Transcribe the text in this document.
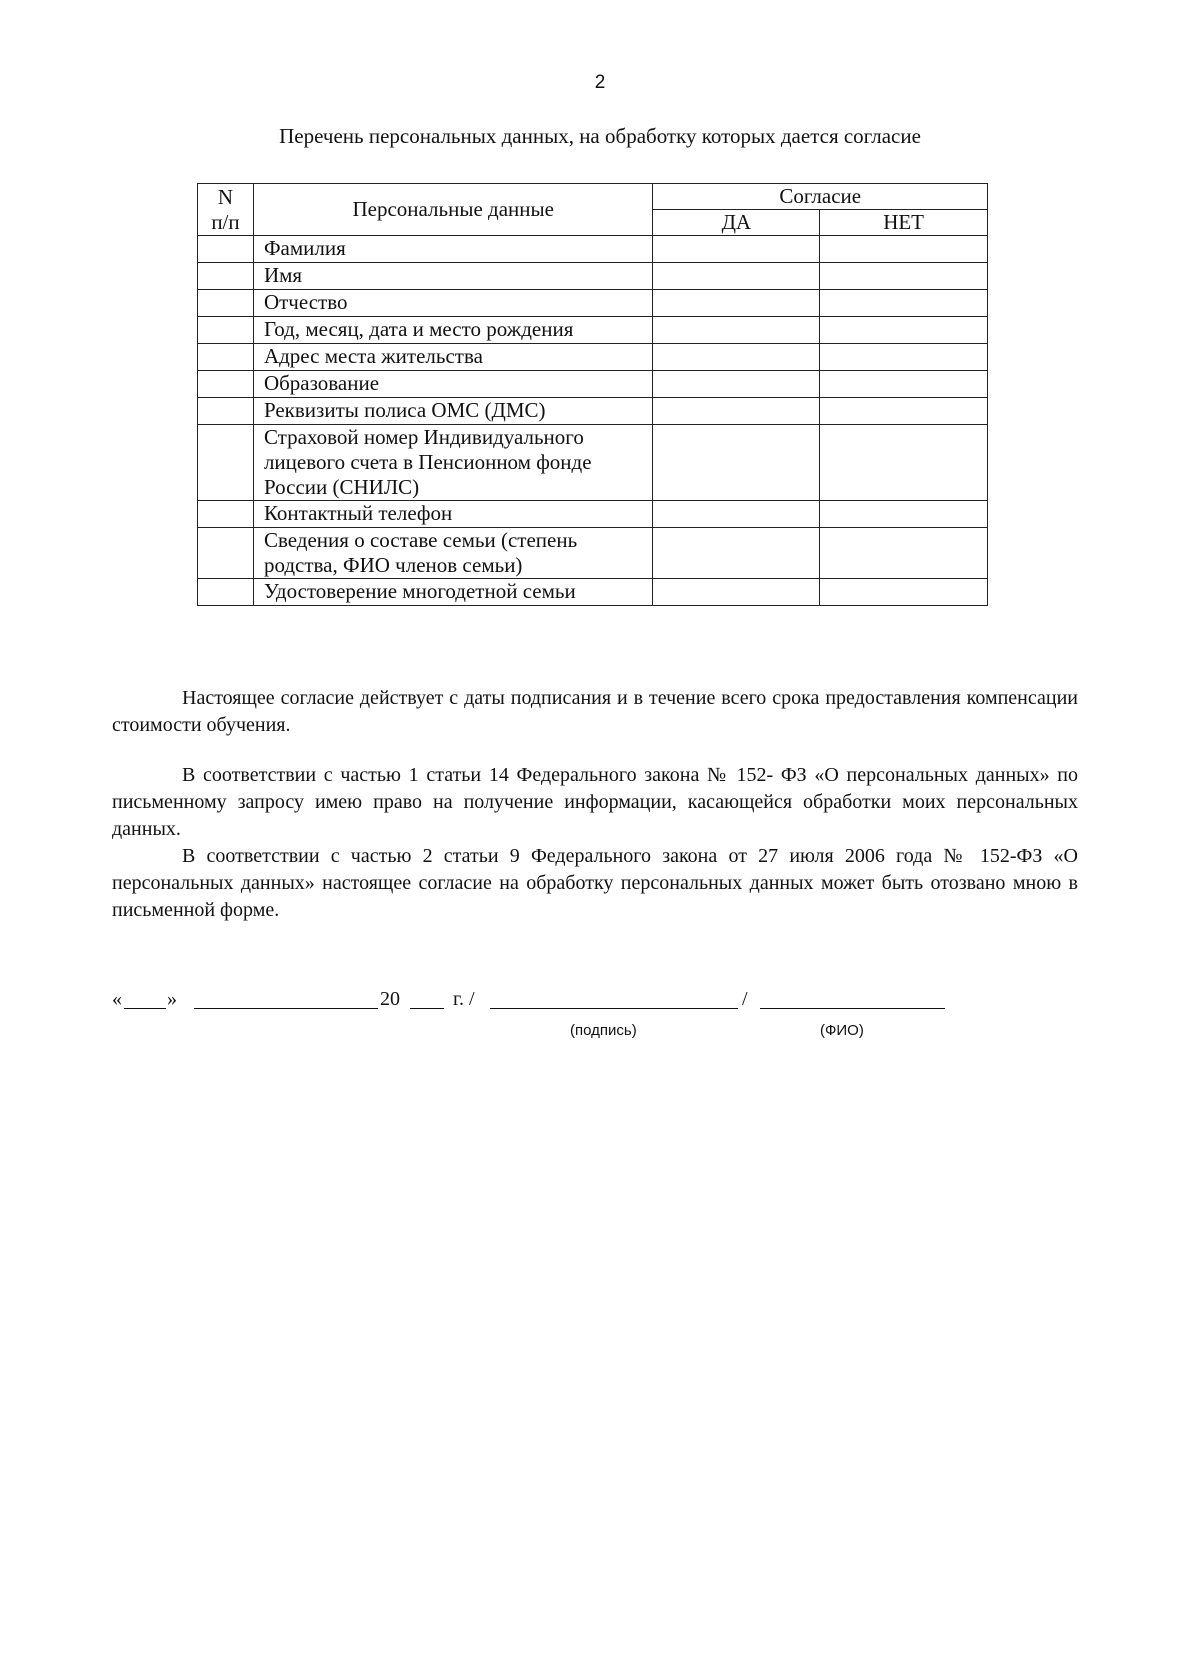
2
Перечень персональных данных, на обработку которых дается согласие
N
п/п	Персональные данные	Согласие	
		ДА	НЕТ

	Фамилия		

	Имя		

	Отчество		

	Год, месяц, дата и место рождения		

	Адрес места жительства		

	Образование		

	Реквизиты полиса ОМС (ДМС)		

	Страховой номер Индивидуального
лицевого счета в Пенсионном фонде
России (СНИЛС)		

	Контактный телефон		

	Сведения о составе семьи (степень
родства, ФИО членов семьи)		

	Удостоверение многодетной семьи		

Настоящее согласие действует с даты подписания и в течение всего срока предоставления компенсации стоимости обучения.

В соответствии с частью 1 статьи 14 Федерального закона № 152- ФЗ «О персональных данных» по письменному запросу имею право на получение информации, касающейся обработки моих персональных данных.

В соответствии с частью 2 статьи 9 Федерального закона от 27 июля 2006 года № 152-ФЗ «О персональных данных» настоящее согласие на обработку персональных данных может быть отозвано мною в письменной форме.

« »	20	г. /	/
(подпись)	(ФИО)
